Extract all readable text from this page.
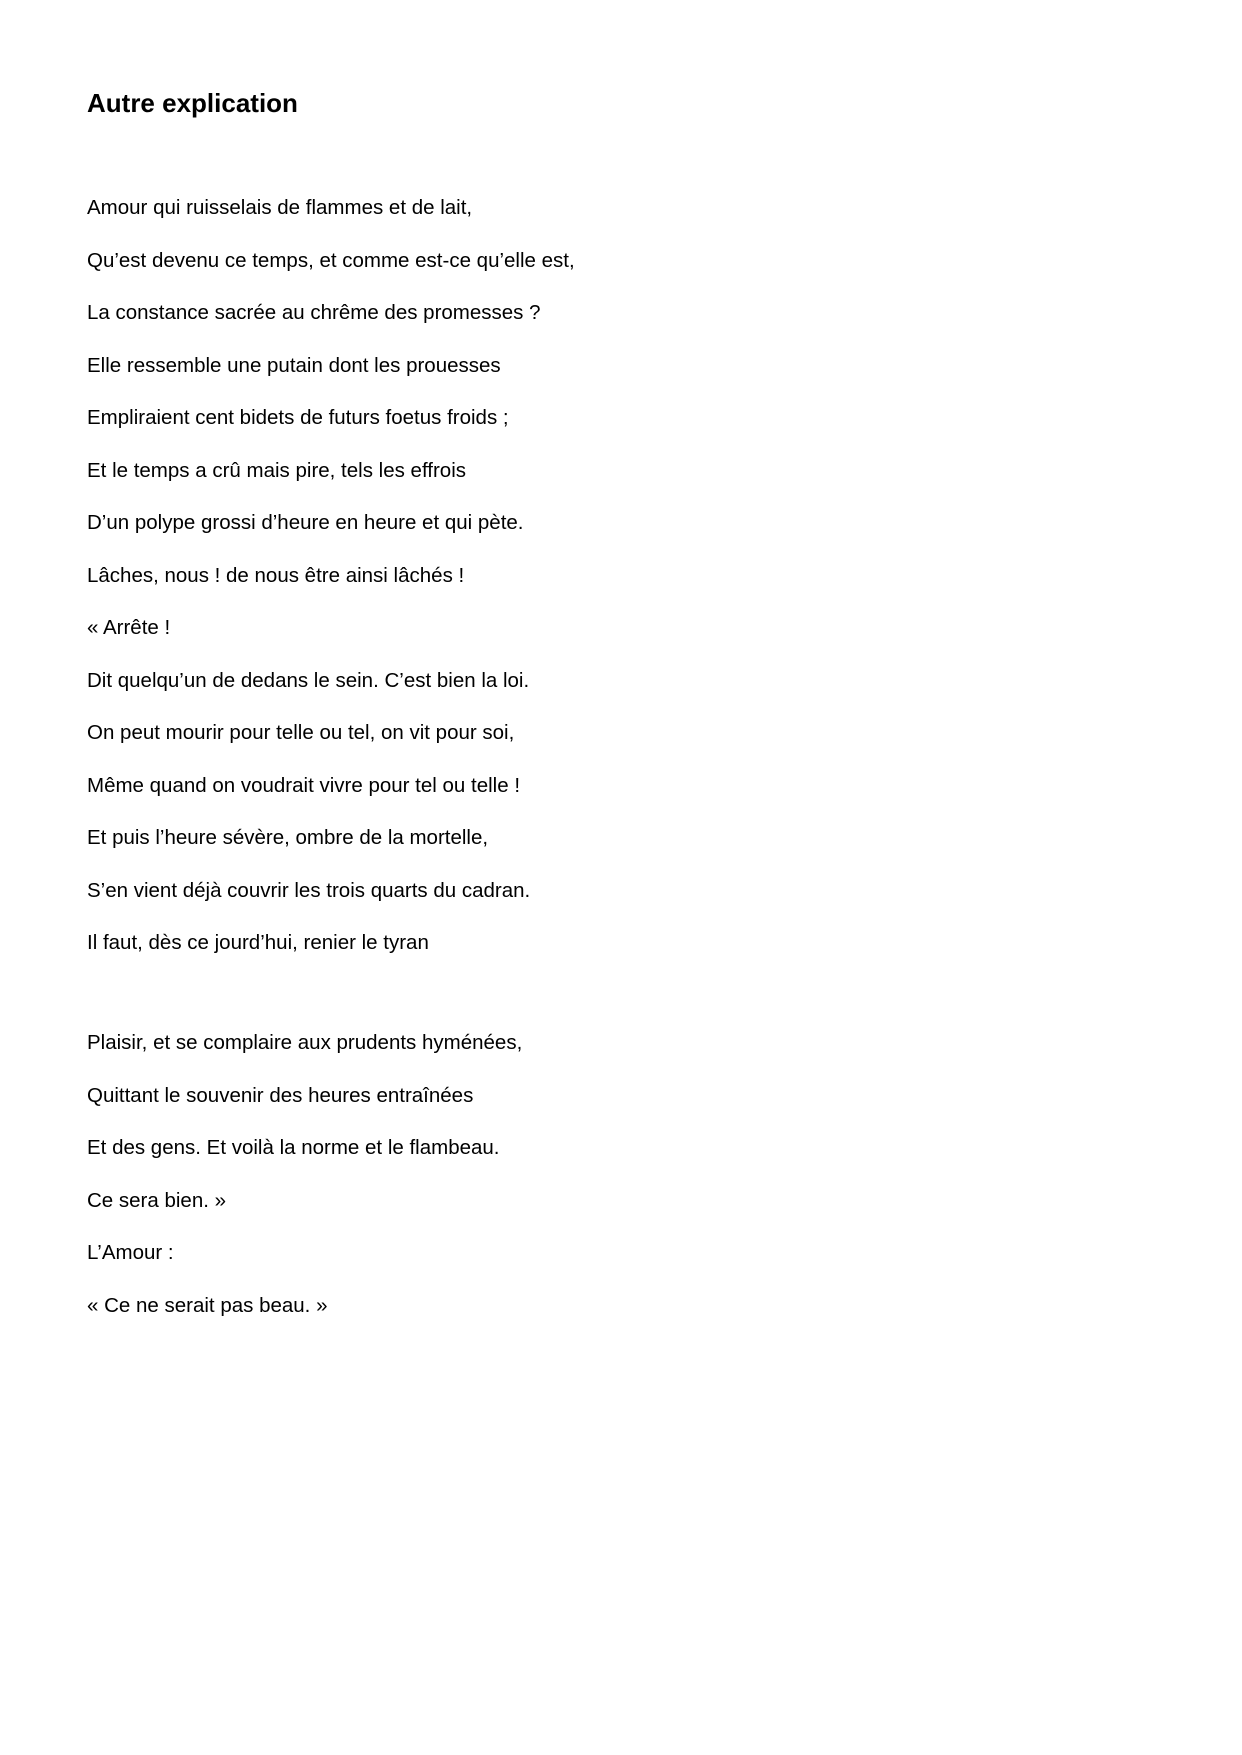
Autre explication

Amour qui ruisselais de flammes et de lait,

Qu’est devenu ce temps, et comme est-ce qu’elle est,

La constance sacrée au chrême des promesses ?

Elle ressemble une putain dont les prouesses

Empliraient cent bidets de futurs foetus froids ;

Et le temps a crû mais pire, tels les effrois

D’un polype grossi d’heure en heure et qui pète.

Lâches, nous ! de nous être ainsi lâchés !

« Arrête !

Dit quelqu’un de dedans le sein. C’est bien la loi.

On peut mourir pour telle ou tel, on vit pour soi,

Même quand on voudrait vivre pour tel ou telle !

Et puis l’heure sévère, ombre de la mortelle,

S’en vient déjà couvrir les trois quarts du cadran.

Il faut, dès ce jourd’hui, renier le tyran

Plaisir, et se complaire aux prudents hyménées,

Quittant le souvenir des heures entraînées

Et des gens. Et voilà la norme et le flambeau.

Ce sera bien. »

L’Amour :

« Ce ne serait pas beau. »
